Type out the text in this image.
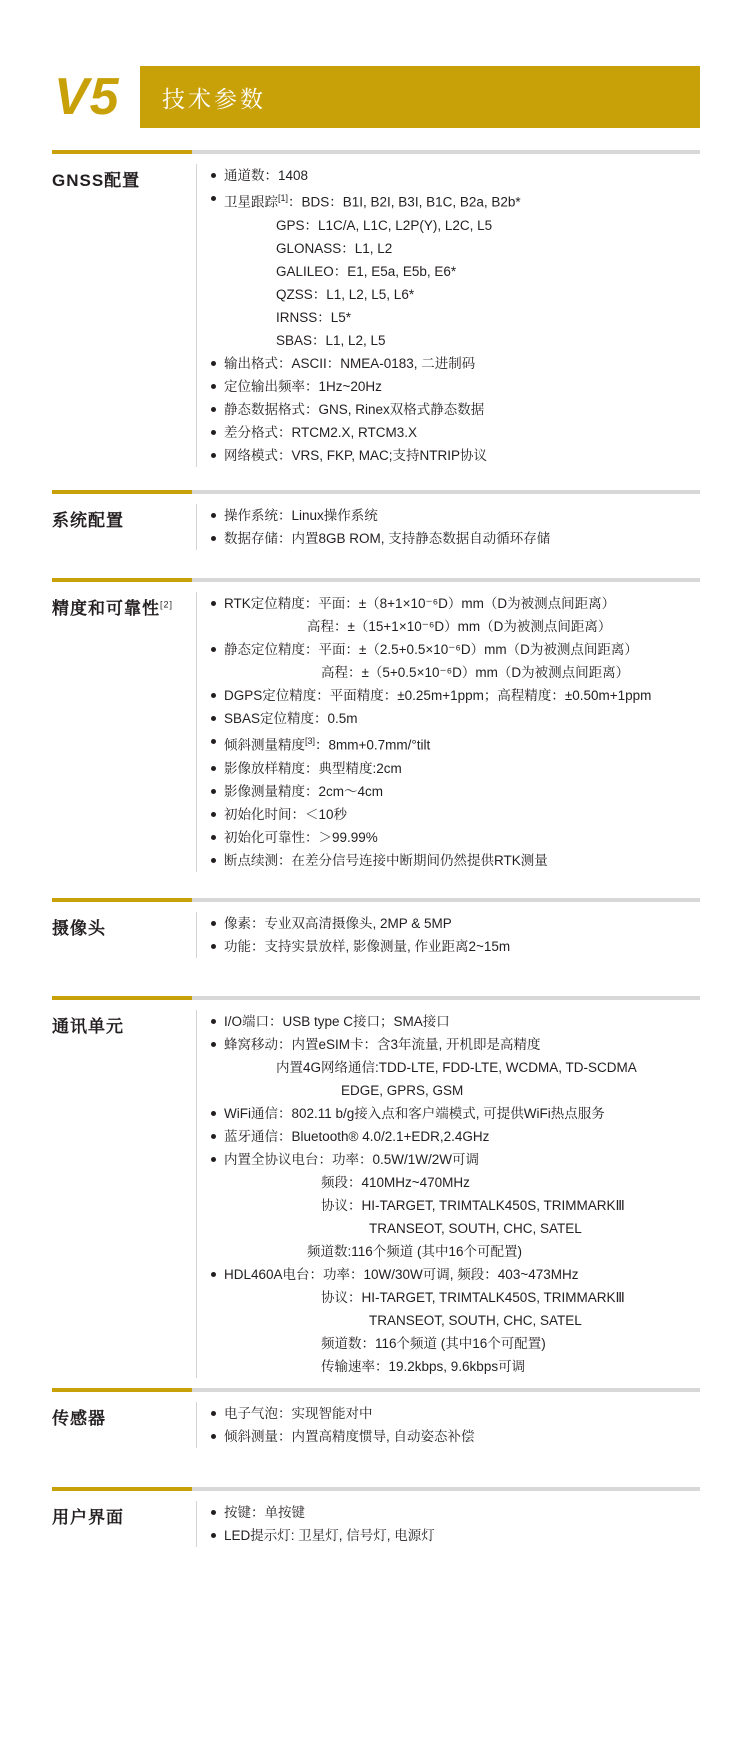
V5	技术参数
GNSS配置	通道数：1408
卫星跟踪[1]：BDS：B1I, B2I, B3I, B1C, B2a, B2b*
GPS：L1C/A, L1C, L2P(Y), L2C, L5
GLONASS：L1, L2
GALILEO：E1, E5a, E5b, E6*
QZSS：L1, L2, L5, L6*
IRNSS：L5*
SBAS：L1, L2, L5
输出格式：ASCII：NMEA-0183, 二进制码
定位输出频率：1Hz~20Hz
静态数据格式：GNS, Rinex双格式静态数据
差分格式：RTCM2.X, RTCM3.X
网络模式：VRS, FKP, MAC;支持NTRIP协议
系统配置	操作系统：Linux操作系统
数据存储：内置8GB ROM, 支持静态数据自动循环存储
精度和可靠性[2]	RTK定位精度：平面：±（8+1×10⁻⁶D）mm（D为被测点间距离）
高程：±（15+1×10⁻⁶D）mm（D为被测点间距离）
静态定位精度：平面：±（2.5+0.5×10⁻⁶D）mm（D为被测点间距离）
高程：±（5+0.5×10⁻⁶D）mm（D为被测点间距离）
DGPS定位精度：平面精度：±0.25m+1ppm；高程精度：±0.50m+1ppm
SBAS定位精度：0.5m
倾斜测量精度[3]：8mm+0.7mm/°tilt
影像放样精度：典型精度:2cm
影像测量精度：2cm～4cm
初始化时间：＜10秒
初始化可靠性：＞99.99%
断点续测：在差分信号连接中断期间仍然提供RTK测量
摄像头	像素：专业双高清摄像头, 2MP & 5MP
功能：支持实景放样, 影像测量, 作业距离2~15m
通讯单元	I/O端口：USB type C接口；SMA接口
蜂窝移动：内置eSIM卡：含3年流量, 开机即是高精度
内置4G网络通信:TDD-LTE, FDD-LTE, WCDMA, TD-SCDMA
EDGE, GPRS, GSM
WiFi通信：802.11 b/g接入点和客户端模式, 可提供WiFi热点服务
蓝牙通信：Bluetooth® 4.0/2.1+EDR,2.4GHz
内置全协议电台：功率：0.5W/1W/2W可调
频段：410MHz~470MHz
协议：HI-TARGET, TRIMTALK450S, TRIMMARKⅢ
TRANSEOT, SOUTH, CHC, SATEL
频道数:116个频道 (其中16个可配置)
HDL460A电台：功率：10W/30W可调, 频段：403~473MHz
协议：HI-TARGET, TRIMTALK450S, TRIMMARKⅢ
TRANSEOT, SOUTH, CHC, SATEL
频道数：116个频道 (其中16个可配置)
传输速率：19.2kbps, 9.6kbps可调
传感器	电子气泡：实现智能对中
倾斜测量：内置高精度惯导, 自动姿态补偿
用户界面	按键：单按键
LED提示灯: 卫星灯, 信号灯, 电源灯
